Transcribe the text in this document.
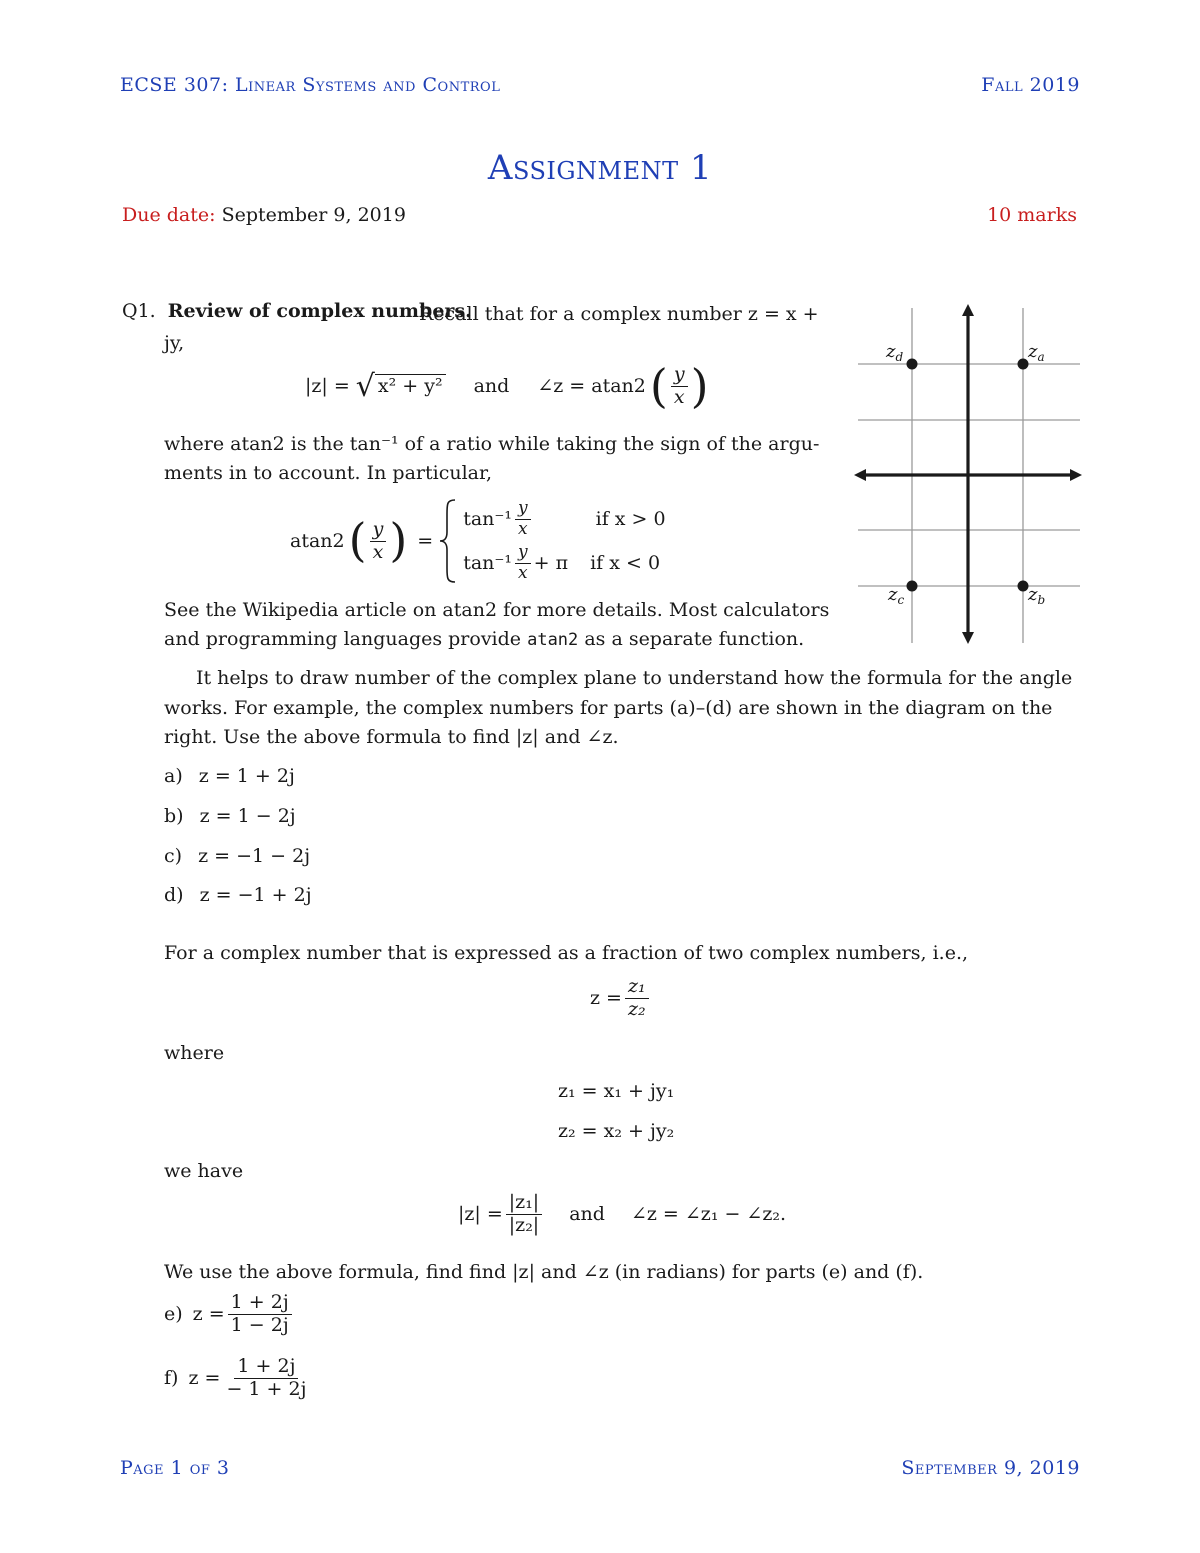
ECSE 307: Linear Systems and Control	Fall 2019
Assignment 1
Due date: September 9, 2019	10 marks
Q1. Review of complex numbers.
Recall that for a complex number z = x + jy,
|z| = √ x² + y² and ∠z = atan2 ( $\frac{y}{x}$ )
where atan2 is the tan⁻¹ of a ratio while taking the sign of the argu-
ments in to account. In particular,
atan2 ( $\frac{y}{x}$ ) =
$\tan^{-1} \frac{y}{x}$	if x > 0
$\tan^{-1} \frac{y}{x} + \pi$ if x < 0
See the Wikipedia article on atan2 for more details. Most calculators
and programming languages provide atan2 as a separate function.
$z_d$	$z_a$
$z_c$	$z_b$
It helps to draw number of the complex plane to understand how the formula for the angle
works. For example, the complex numbers for parts (a)–(d) are shown in the diagram on the
right. Use the above formula to find |z| and ∠z.
a) z = 1 + 2j
b) z = 1 − 2j
c) z = −1 − 2j
d) z = −1 + 2j
For a complex number that is expressed as a fraction of two complex numbers, i.e.,
$z = \frac{\text{z₁}}{\text{z₂}}$
where
z₁ = x₁ + jy₁
z₂ = x₂ + jy₂
we have
$|z| = \frac{\text{|z₁|}}{\text{|z₂|}}$ and ∠z = ∠z₁ − ∠z₂.
We use the above formula, find find |z| and ∠z (in radians) for parts (e) and (f).
e) $z = \frac{1 + 2j}{1 - 2j}$
f) $z = \frac{1 + 2j}{- 1 + 2j}$
Page 1 of 3	September 9, 2019
